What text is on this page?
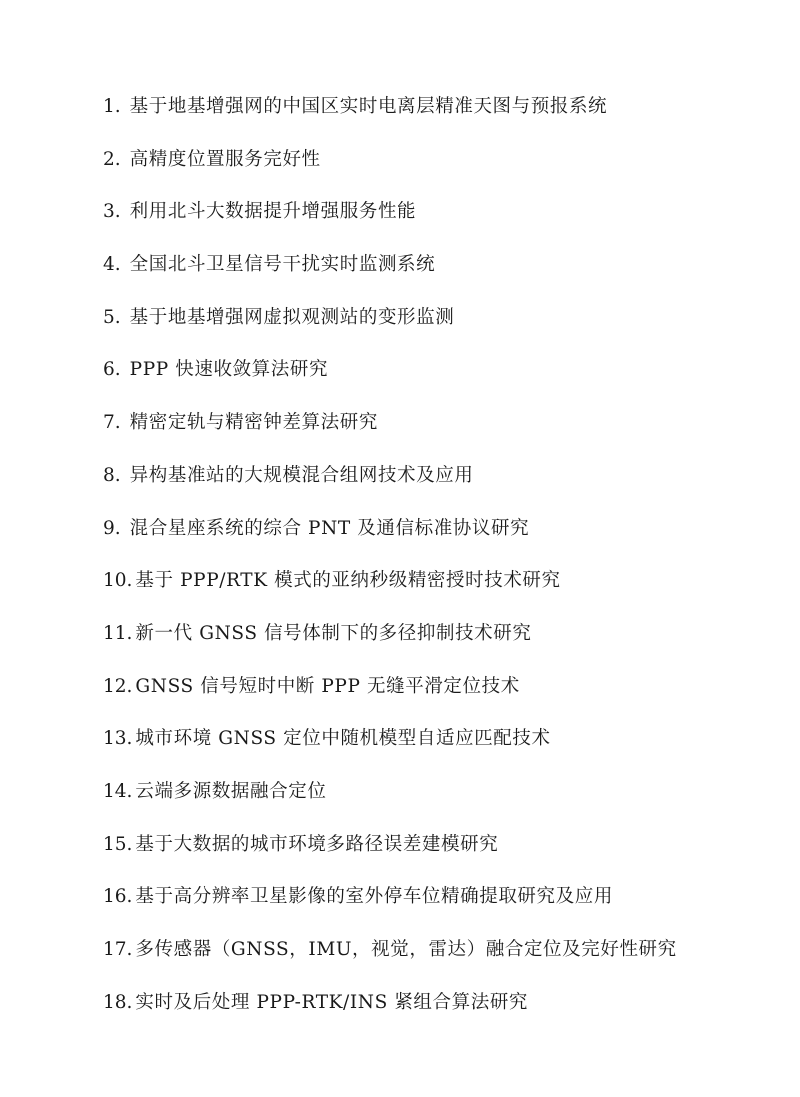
1. 基于地基增强网的中国区实时电离层精准天图与预报系统
2. 高精度位置服务完好性
3. 利用北斗大数据提升增强服务性能
4. 全国北斗卫星信号干扰实时监测系统
5. 基于地基增强网虚拟观测站的变形监测
6. PPP 快速收敛算法研究
7. 精密定轨与精密钟差算法研究
8. 异构基准站的大规模混合组网技术及应用
9. 混合星座系统的综合 PNT 及通信标准协议研究
10. 基于 PPP/RTK 模式的亚纳秒级精密授时技术研究
11. 新一代 GNSS 信号体制下的多径抑制技术研究
12. GNSS 信号短时中断 PPP 无缝平滑定位技术
13. 城市环境 GNSS 定位中随机模型自适应匹配技术
14. 云端多源数据融合定位
15. 基于大数据的城市环境多路径误差建模研究
16. 基于高分辨率卫星影像的室外停车位精确提取研究及应用
17. 多传感器（GNSS，IMU，视觉，雷达）融合定位及完好性研究
18. 实时及后处理 PPP-RTK/INS 紧组合算法研究
